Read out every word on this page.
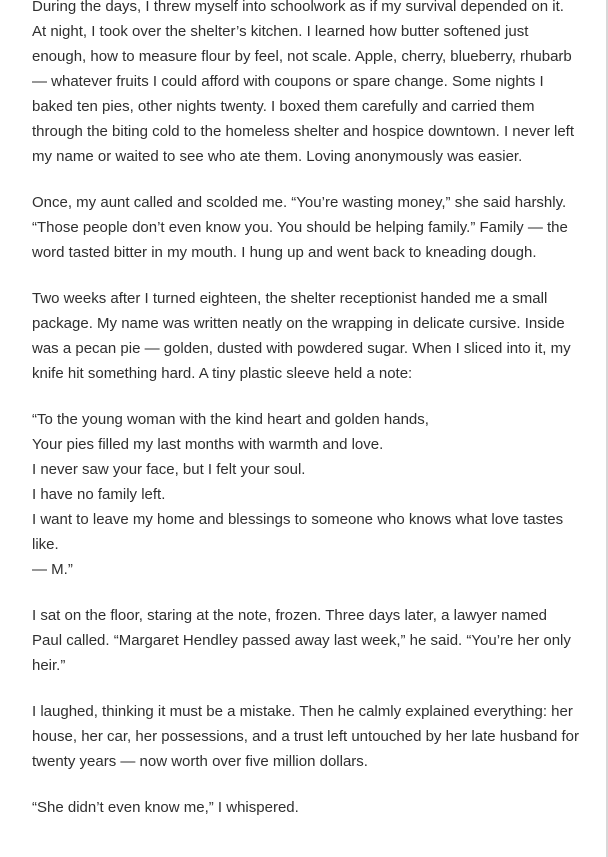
During the days, I threw myself into schoolwork as if my survival depended on it. At night, I took over the shelter’s kitchen. I learned how butter softened just enough, how to measure flour by feel, not scale. Apple, cherry, blueberry, rhubarb — whatever fruits I could afford with coupons or spare change. Some nights I baked ten pies, other nights twenty. I boxed them carefully and carried them through the biting cold to the homeless shelter and hospice downtown. I never left my name or waited to see who ate them. Loving anonymously was easier.

Once, my aunt called and scolded me. “You’re wasting money,” she said harshly. “Those people don’t even know you. You should be helping family.” Family — the word tasted bitter in my mouth. I hung up and went back to kneading dough.

Two weeks after I turned eighteen, the shelter receptionist handed me a small package. My name was written neatly on the wrapping in delicate cursive. Inside was a pecan pie — golden, dusted with powdered sugar. When I sliced into it, my knife hit something hard. A tiny plastic sleeve held a note:

“To the young woman with the kind heart and golden hands,
Your pies filled my last months with warmth and love.
I never saw your face, but I felt your soul.
I have no family left.
I want to leave my home and blessings to someone who knows what love tastes like.
— M.”

I sat on the floor, staring at the note, frozen. Three days later, a lawyer named Paul called. “Margaret Hendley passed away last week,” he said. “You’re her only heir.”

I laughed, thinking it must be a mistake. Then he calmly explained everything: her house, her car, her possessions, and a trust left untouched by her late husband for twenty years — now worth over five million dollars.

“She didn’t even know me,” I whispered.
